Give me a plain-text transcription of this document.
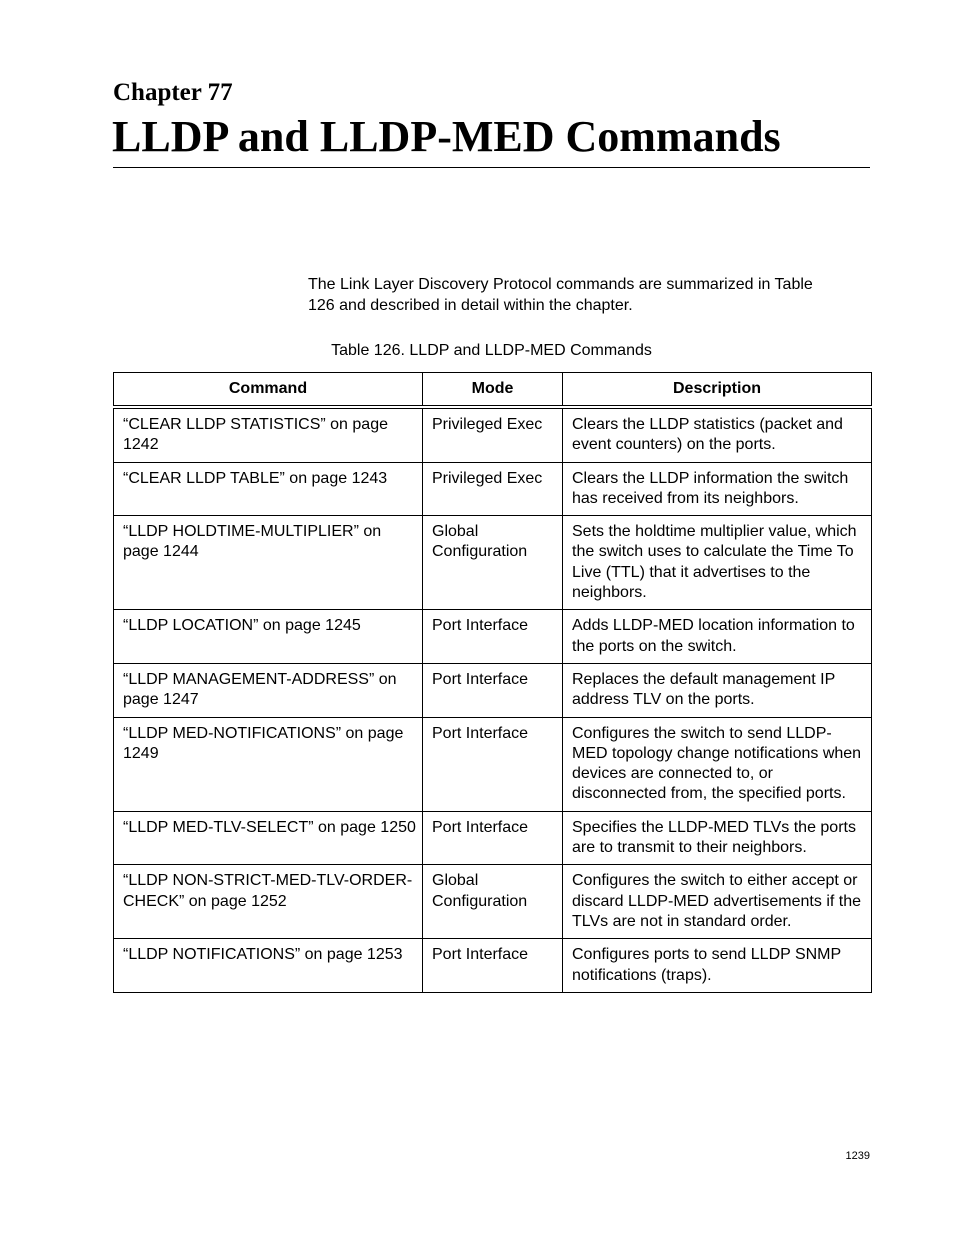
Chapter 77
LLDP and LLDP-MED Commands

The Link Layer Discovery Protocol commands are summarized in Table 126 and described in detail within the chapter.

Table 126. LLDP and LLDP-MED Commands

Command	Mode	Description
“CLEAR LLDP STATISTICS” on page 1242	Privileged Exec	Clears the LLDP statistics (packet and event counters) on the ports.
“CLEAR LLDP TABLE” on page 1243	Privileged Exec	Clears the LLDP information the switch has received from its neighbors.
“LLDP HOLDTIME-MULTIPLIER” on page 1244	Global Configuration	Sets the holdtime multiplier value, which the switch uses to calculate the Time To Live (TTL) that it advertises to the neighbors.
“LLDP LOCATION” on page 1245	Port Interface	Adds LLDP-MED location information to the ports on the switch.
“LLDP MANAGEMENT-ADDRESS” on page 1247	Port Interface	Replaces the default management IP address TLV on the ports.
“LLDP MED-NOTIFICATIONS” on page 1249	Port Interface	Configures the switch to send LLDP-MED topology change notifications when devices are connected to, or disconnected from, the specified ports.
“LLDP MED-TLV-SELECT” on page 1250	Port Interface	Specifies the LLDP-MED TLVs the ports are to transmit to their neighbors.
“LLDP NON-STRICT-MED-TLV-ORDER-CHECK” on page 1252	Global Configuration	Configures the switch to either accept or discard LLDP-MED advertisements if the TLVs are not in standard order.
“LLDP NOTIFICATIONS” on page 1253	Port Interface	Configures ports to send LLDP SNMP notifications (traps).

1239
